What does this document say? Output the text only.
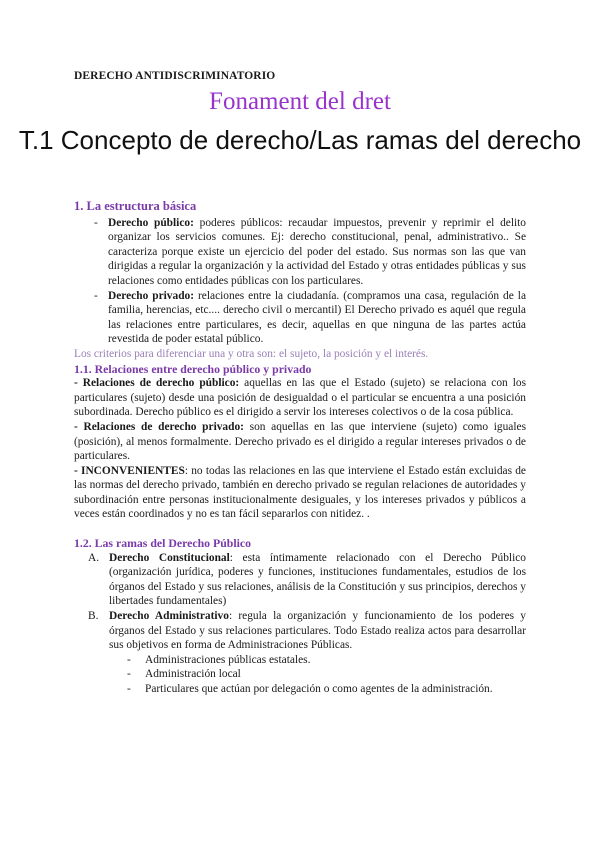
DERECHO ANTIDISCRIMINATORIO
Fonament del dret
T.1 Concepto de derecho/Las ramas del derecho
1. La estructura básica
- Derecho público: poderes públicos: recaudar impuestos, prevenir y reprimir el delito organizar los servicios comunes. Ej: derecho constitucional, penal, administrativo.. Se caracteriza porque existe un ejercicio del poder del estado. Sus normas son las que van dirigidas a regular la organización y la actividad del Estado y otras entidades públicas y sus relaciones como entidades públicas con los particulares.
- Derecho privado: relaciones entre la ciudadanía. (compramos una casa, regulación de la familia, herencias, etc.... derecho civil o mercantil) El Derecho privado es aquél que regula las relaciones entre particulares, es decir, aquellas en que ninguna de las partes actúa revestida de poder estatal público.

Los criterios para diferenciar una y otra son: el sujeto, la posición y el interés.

1.1. Relaciones entre derecho público y privado

- Relaciones de derecho público: aquellas en las que el Estado (sujeto) se relaciona con los particulares (sujeto) desde una posición de desigualdad o el particular se encuentra a una posición subordinada. Derecho público es el dirigido a servir los intereses colectivos o de la cosa pública.

- Relaciones de derecho privado: son aquellas en las que interviene (sujeto) como iguales (posición), al menos formalmente. Derecho privado es el dirigido a regular intereses privados o de particulares.

- INCONVENIENTES: no todas las relaciones en las que interviene el Estado están excluidas de las normas del derecho privado, también en derecho privado se regulan relaciones de autoridades y subordinación entre personas institucionalmente desiguales, y los intereses privados y públicos a veces están coordinados y no es tan fácil separarlos con nitidez. .

1.2. Las ramas del Derecho Público
A. Derecho Constitucional: esta íntimamente relacionado con el Derecho Público (organización jurídica, poderes y funciones, instituciones fundamentales, estudios de los órganos del Estado y sus relaciones, análisis de la Constitución y sus principios, derechos y libertades fundamentales)
B. Derecho Administrativo: regula la organización y funcionamiento de los poderes y órganos del Estado y sus relaciones particulares. Todo Estado realiza actos para desarrollar sus objetivos en forma de Administraciones Públicas.
- Administraciones públicas estatales.
- Administración local
- Particulares que actúan por delegación o como agentes de la administración.
